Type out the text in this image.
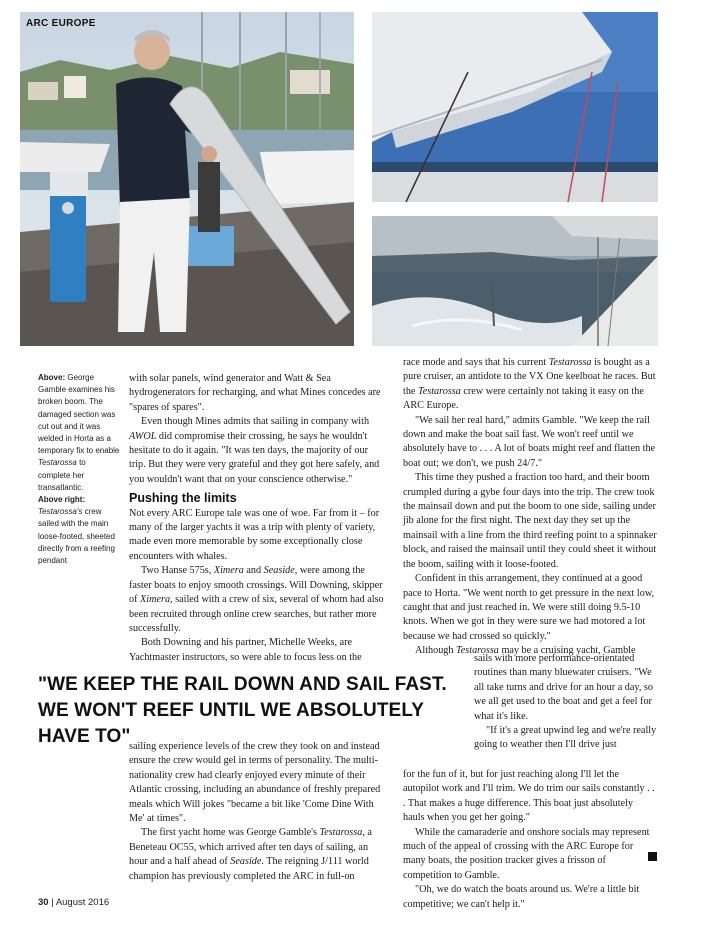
ARC EUROPE
Above: George Gamble examines his broken boom. The damaged section was cut out and it was welded in Horta as a temporary fix to enable Testarossa to complete her transatlantic.
Above right: Testarossa's crew sailed with the main loose-footed, sheeted directly from a reefing pendant

with solar panels, wind generator and Watt & Sea hydrogenerators for recharging, and what Mines concedes are "spares of spares".

Even though Mines admits that sailing in company with AWOL did compromise their crossing, he says he wouldn't hesitate to do it again. "It was ten days, the majority of our trip. But they were very grateful and they got here safely, and you wouldn't want that on your conscience otherwise."

Pushing the limits

Not every ARC Europe tale was one of woe. Far from it – for many of the larger yachts it was a trip with plenty of variety, made even more memorable by some exceptionally close encounters with whales.

Two Hanse 575s, Ximera and Seaside, were among the faster boats to enjoy smooth crossings. Will Downing, skipper of Ximera, sailed with a crew of six, several of whom had also been recruited through online crew searches, but rather more successfully.

Both Downing and his partner, Michelle Weeks, are Yachtmaster instructors, so were able to focus less on the

race mode and says that his current Testarossa is bought as a pure cruiser, an antidote to the VX One keelboat he races. But the Testarossa crew were certainly not taking it easy on the ARC Europe.

"We sail her real hard," admits Gamble. "We keep the rail down and make the boat sail fast. We won't reef until we absolutely have to . . . A lot of boats might reef and flatten the boat out; we don't, we push 24/7."

This time they pushed a fraction too hard, and their boom crumpled during a gybe four days into the trip. The crew took the mainsail down and put the boom to one side, sailing under jib alone for the first night. The next day they set up the mainsail with a line from the third reefing point to a spinnaker block, and raised the mainsail until they could sheet it without the boom, sailing with it loose-footed.

Confident in this arrangement, they continued at a good pace to Horta. "We went north to get pressure in the next low, caught that and just reached in. We were still doing 9.5-10 knots. When we got in they were sure we had motored a lot because we had crossed so quickly."

Although Testarossa may be a cruising yacht, Gamble

sails with more performance-orientated routines than many bluewater cruisers. "We all take turns and drive for an hour a day, so we all get used to the boat and get a feel for what it's like.

"If it's a great upwind leg and we're really going to weather then I'll drive just

"WE KEEP THE RAIL DOWN AND SAIL FAST. WE WON'T REEF UNTIL WE ABSOLUTELY HAVE TO"

sailing experience levels of the crew they took on and instead ensure the crew would gel in terms of personality. The multi-nationality crew had clearly enjoyed every minute of their Atlantic crossing, including an abundance of freshly prepared meals which Will jokes "became a bit like 'Come Dine With Me' at times".

The first yacht home was George Gamble's Testarossa, a Beneteau OC55, which arrived after ten days of sailing, an hour and a half ahead of Seaside. The reigning J/111 world champion has previously completed the ARC in full-on

for the fun of it, but for just reaching along I'll let the autopilot work and I'll trim. We do trim our sails constantly . . . That makes a huge difference. This boat just absolutely hauls when you get her going."

While the camaraderie and onshore socials may represent much of the appeal of crossing with the ARC Europe for many boats, the position tracker gives a frisson of competition to Gamble.

"Oh, we do watch the boats around us. We're a little bit competitive; we can't help it."

30 | August 2016
